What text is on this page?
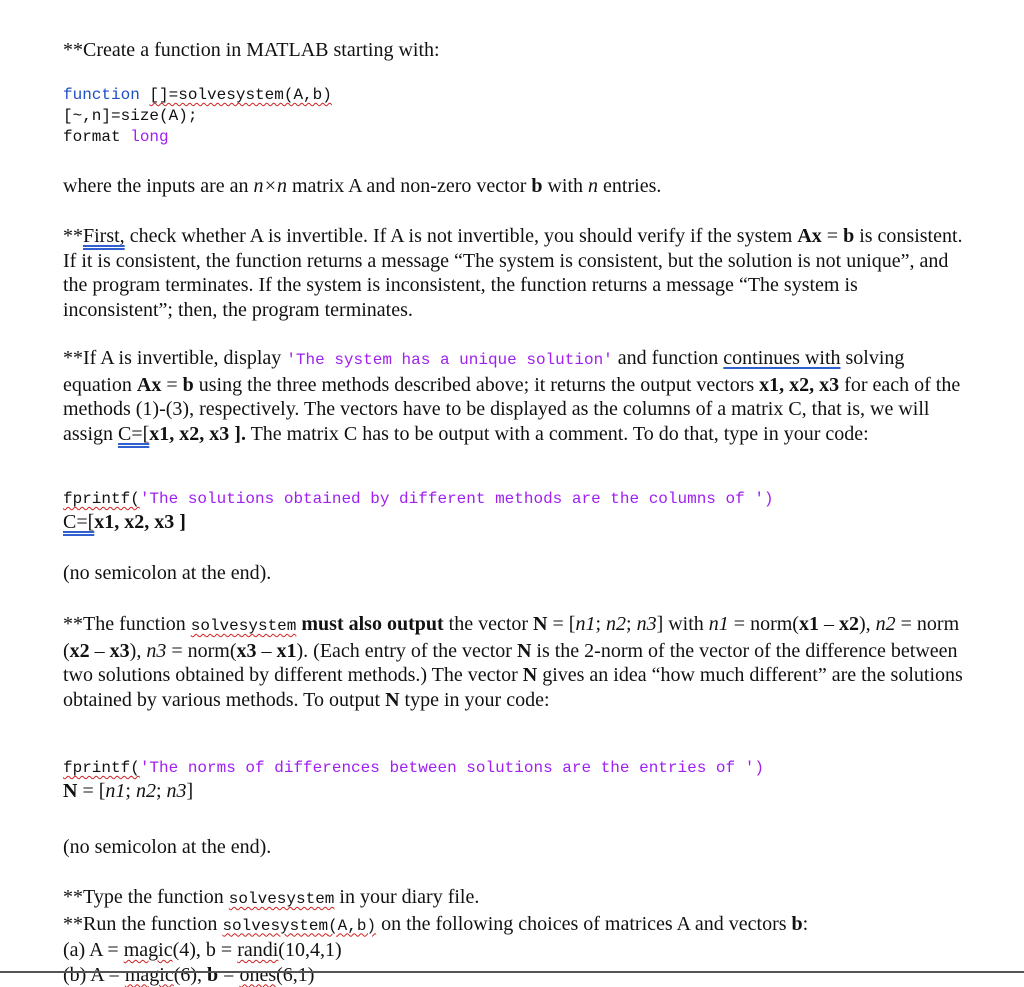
**Create a function in MATLAB starting with:
function []=solvesystem(A,b)
[~,n]=size(A);
format long
where the inputs are an n×n matrix A and non-zero vector b with n entries.
**First, check whether A is invertible. If A is not invertible, you should verify if the system Ax = b is consistent. If it is consistent, the function returns a message “The system is consistent, but the solution is not unique”, and the program terminates. If the system is inconsistent, the function returns a message “The system is inconsistent”; then, the program terminates.
**If A is invertible, display 'The system has a unique solution' and function continues with solving equation Ax = b using the three methods described above; it returns the output vectors x1, x2, x3 for each of the methods (1)-(3), respectively. The vectors have to be displayed as the columns of a matrix C, that is, we will assign C=[x1, x2, x3 ]. The matrix C has to be output with a comment. To do that, type in your code:
fprintf('The solutions obtained by different methods are the columns of ')
C=[x1, x2, x3 ]
(no semicolon at the end).
**The function solvesystem must also output the vector N = [n1; n2; n3] with n1 = norm(x1 – x2), n2 = norm (x2 – x3), n3 = norm(x3 – x1). (Each entry of the vector N is the 2-norm of the vector of the difference between two solutions obtained by different methods.) The vector N gives an idea “how much different” are the solutions obtained by various methods. To output N type in your code:
fprintf('The norms of differences between solutions are the entries of ')
N = [n1; n2; n3]
(no semicolon at the end).
**Type the function solvesystem in your diary file.
**Run the function solvesystem(A,b) on the following choices of matrices A and vectors b:
(a) A = magic(4), b = randi(10,4,1)
(b) A = magic(6), b = ones(6,1)
